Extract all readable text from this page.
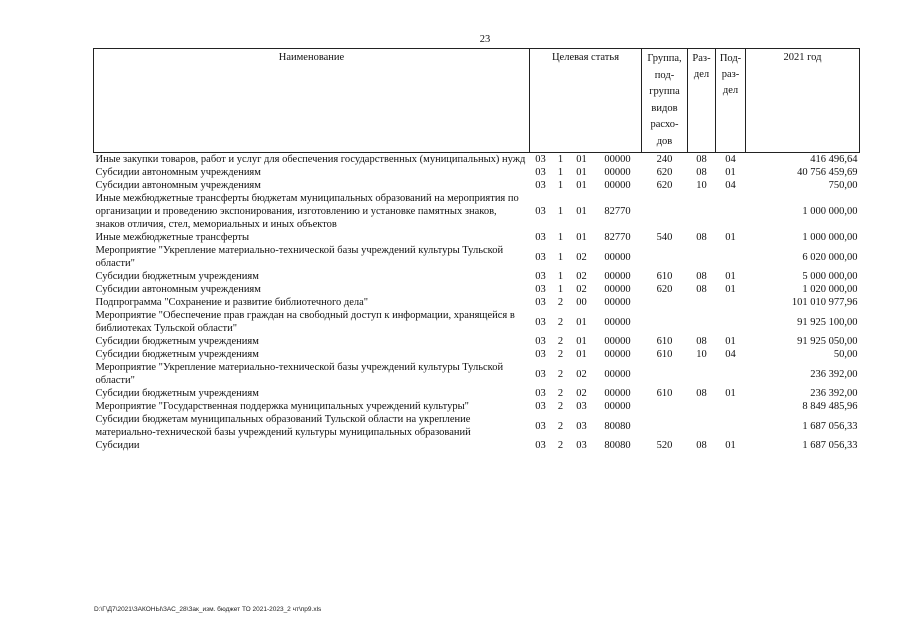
23
Наименование	Целевая статья				Группа, под-группа видов расхо-дов	Раз-дел	Под-раз-дел	2021 год
Иные закупки товаров, работ и услуг для обеспечения государственных (муниципальных) нужд	03	1	01	00000	240	08	04	416 496,64
Субсидии автономным учреждениям	03	1	01	00000	620	08	01	40 756 459,69
Субсидии автономным учреждениям	03	1	01	00000	620	10	04	750,00
Иные межбюджетные трансферты бюджетам муниципальных образований на мероприятия по организации и проведению экспонирования, изготовлению и установке памятных знаков, знаков отличия, стел, мемориальных и иных объектов	03	1	01	82770				1 000 000,00
Иные межбюджетные трансферты	03	1	01	82770	540	08	01	1 000 000,00
Мероприятие "Укрепление материально-технической базы учреждений культуры Тульской области"	03	1	02	00000				6 020 000,00
Субсидии бюджетным учреждениям	03	1	02	00000	610	08	01	5 000 000,00
Субсидии автономным учреждениям	03	1	02	00000	620	08	01	1 020 000,00
Подпрограмма "Сохранение и развитие библиотечного дела"	03	2	00	00000				101 010 977,96
Мероприятие "Обеспечение прав граждан на свободный доступ к информации, хранящейся в библиотеках Тульской области"	03	2	01	00000				91 925 100,00
Субсидии бюджетным учреждениям	03	2	01	00000	610	08	01	91 925 050,00
Субсидии бюджетным учреждениям	03	2	01	00000	610	10	04	50,00
Мероприятие "Укрепление материально-технической базы учреждений культуры Тульской области"	03	2	02	00000				236 392,00
Субсидии бюджетным учреждениям	03	2	02	00000	610	08	01	236 392,00
Мероприятие "Государственная поддержка муниципальных учреждений культуры"	03	2	03	00000				8 849 485,96
Субсидии бюджетам муниципальных образований Тульской области на укрепление материально-технической базы учреждений культуры муниципальных образований	03	2	03	80080				1 687 056,33
Субсидии	03	2	03	80080	520	08	01	1 687 056,33
D:\Г\Д7\2021\ЗАКОНЫ\ЗАС_28\Зак_изм. бюджет ТО 2021-2023_2 чт\пр9.xls
